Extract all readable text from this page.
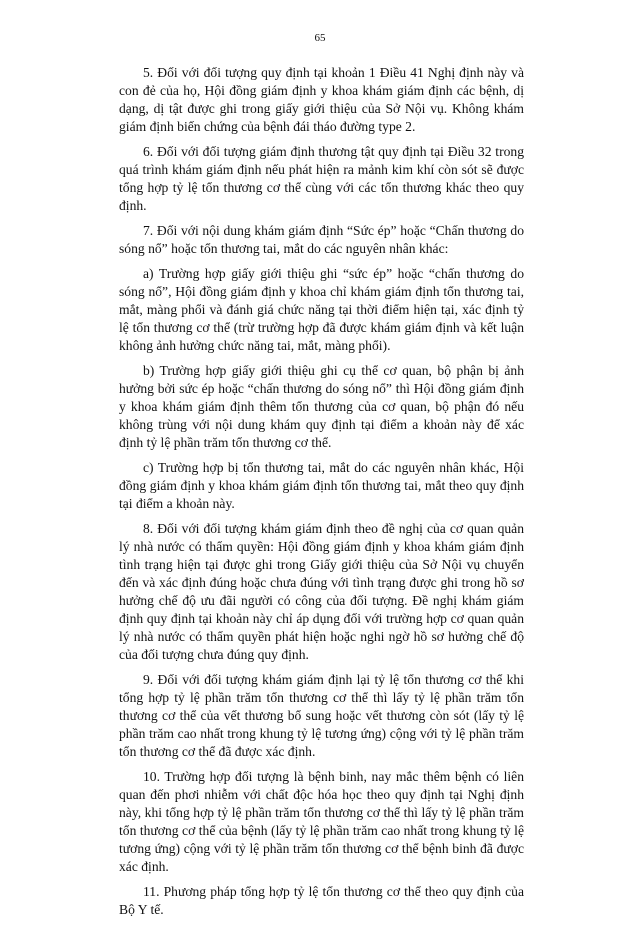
65

5. Đối với đối tượng quy định tại khoản 1 Điều 41 Nghị định này và con đẻ của họ, Hội đồng giám định y khoa khám giám định các bệnh, dị dạng, dị tật được ghi trong giấy giới thiệu của Sở Nội vụ. Không khám giám định biến chứng của bệnh đái tháo đường type 2.

6. Đối với đối tượng giám định thương tật quy định tại Điều 32 trong quá trình khám giám định nếu phát hiện ra mảnh kim khí còn sót sẽ được tổng hợp tỷ lệ tổn thương cơ thể cùng với các tổn thương khác theo quy định.

7. Đối với nội dung khám giám định “Sức ép” hoặc “Chấn thương do sóng nổ” hoặc tổn thương tai, mắt do các nguyên nhân khác:

a) Trường hợp giấy giới thiệu ghi “sức ép” hoặc “chấn thương do sóng nổ”, Hội đồng giám định y khoa chỉ khám giám định tổn thương tai, mắt, màng phổi và đánh giá chức năng tại thời điểm hiện tại, xác định tỷ lệ tổn thương cơ thể (trừ trường hợp đã được khám giám định và kết luận không ảnh hưởng chức năng tai, mắt, màng phổi).

b) Trường hợp giấy giới thiệu ghi cụ thể cơ quan, bộ phận bị ảnh hưởng bởi sức ép hoặc “chấn thương do sóng nổ” thì Hội đồng giám định y khoa khám giám định thêm tổn thương của cơ quan, bộ phận đó nếu không trùng với nội dung khám quy định tại điểm a khoản này để xác định tỷ lệ phần trăm tổn thương cơ thể.

c) Trường hợp bị tổn thương tai, mắt do các nguyên nhân khác, Hội đồng giám định y khoa khám giám định tổn thương tai, mắt theo quy định tại điểm a khoản này.

8. Đối với đối tượng khám giám định theo đề nghị của cơ quan quản lý nhà nước có thẩm quyền: Hội đồng giám định y khoa khám giám định tình trạng hiện tại được ghi trong Giấy giới thiệu của Sở Nội vụ chuyển đến và xác định đúng hoặc chưa đúng với tình trạng được ghi trong hồ sơ hưởng chế độ ưu đãi người có công của đối tượng. Đề nghị khám giám định quy định tại khoản này chỉ áp dụng đối với trường hợp cơ quan quản lý nhà nước có thẩm quyền phát hiện hoặc nghi ngờ hồ sơ hưởng chế độ của đối tượng chưa đúng quy định.

9. Đối với đối tượng khám giám định lại tỷ lệ tổn thương cơ thể khi tổng hợp tỷ lệ phần trăm tổn thương cơ thể thì lấy tỷ lệ phần trăm tổn thương cơ thể của vết thương bổ sung hoặc vết thương còn sót (lấy tỷ lệ phần trăm cao nhất trong khung tỷ lệ tương ứng) cộng với tỷ lệ phần trăm tổn thương cơ thể đã được xác định.

10. Trường hợp đối tượng là bệnh binh, nay mắc thêm bệnh có liên quan đến phơi nhiễm với chất độc hóa học theo quy định tại Nghị định này, khi tổng hợp tỷ lệ phần trăm tổn thương cơ thể thì lấy tỷ lệ phần trăm tổn thương cơ thể của bệnh (lấy tỷ lệ phần trăm cao nhất trong khung tỷ lệ tương ứng) cộng với tỷ lệ phần trăm tổn thương cơ thể bệnh binh đã được xác định.

11. Phương pháp tổng hợp tỷ lệ tổn thương cơ thể theo quy định của Bộ Y tế.
